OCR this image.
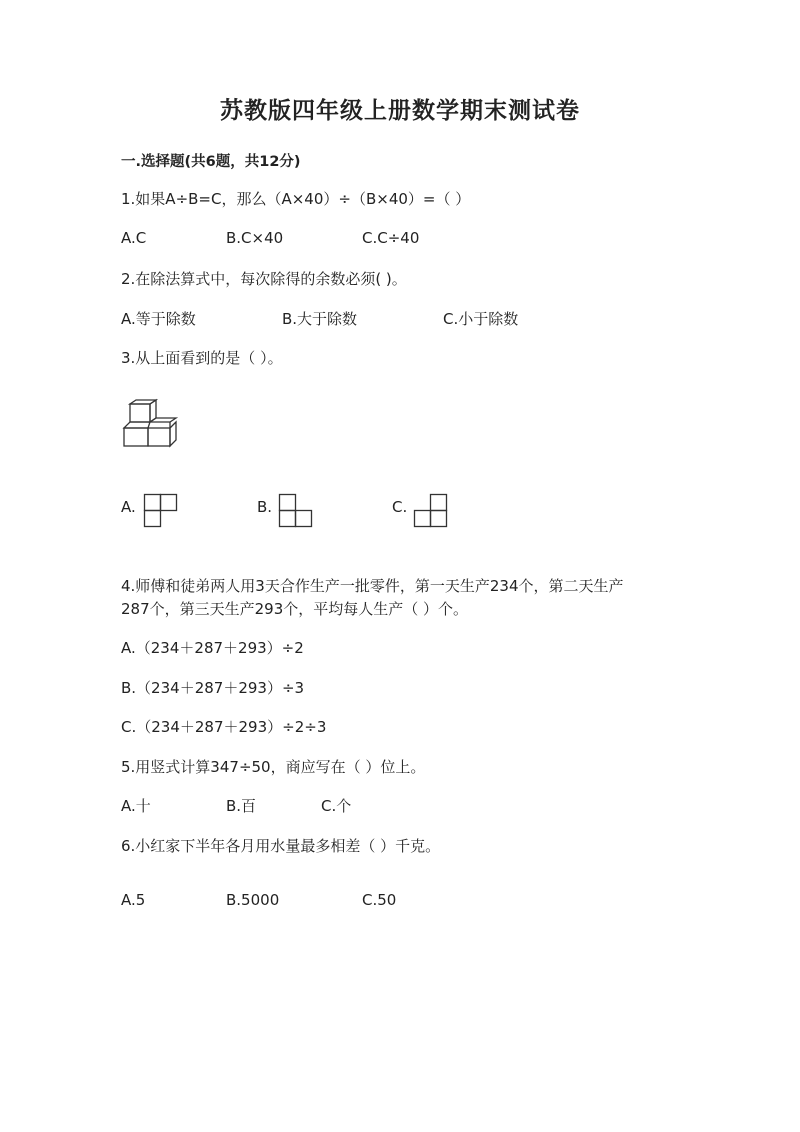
苏教版四年级上册数学期末测试卷
一.选择题(共6题，共12分)
1.如果A÷B=C，那么（A×40）÷（B×40）=（ ）
A.C	B.C×40	C.C÷40
2.在除法算式中，每次除得的余数必须( )。
A.等于除数	B.大于除数	C.小于除数
3.从上面看到的是（ ）。
A.	B.	C.
4.师傅和徒弟两人用3天合作生产一批零件，第一天生产234个，第二天生产
287个，第三天生产293个，平均每人生产（ ）个。
A.（234＋287＋293）÷2
B.（234＋287＋293）÷3
C.（234＋287＋293）÷2÷3
5.用竖式计算347÷50，商应写在（ ）位上。
A.十	B.百	C.个
6.小红家下半年各月用水量最多相差（ ）千克。
A.5	B.5000	C.50
